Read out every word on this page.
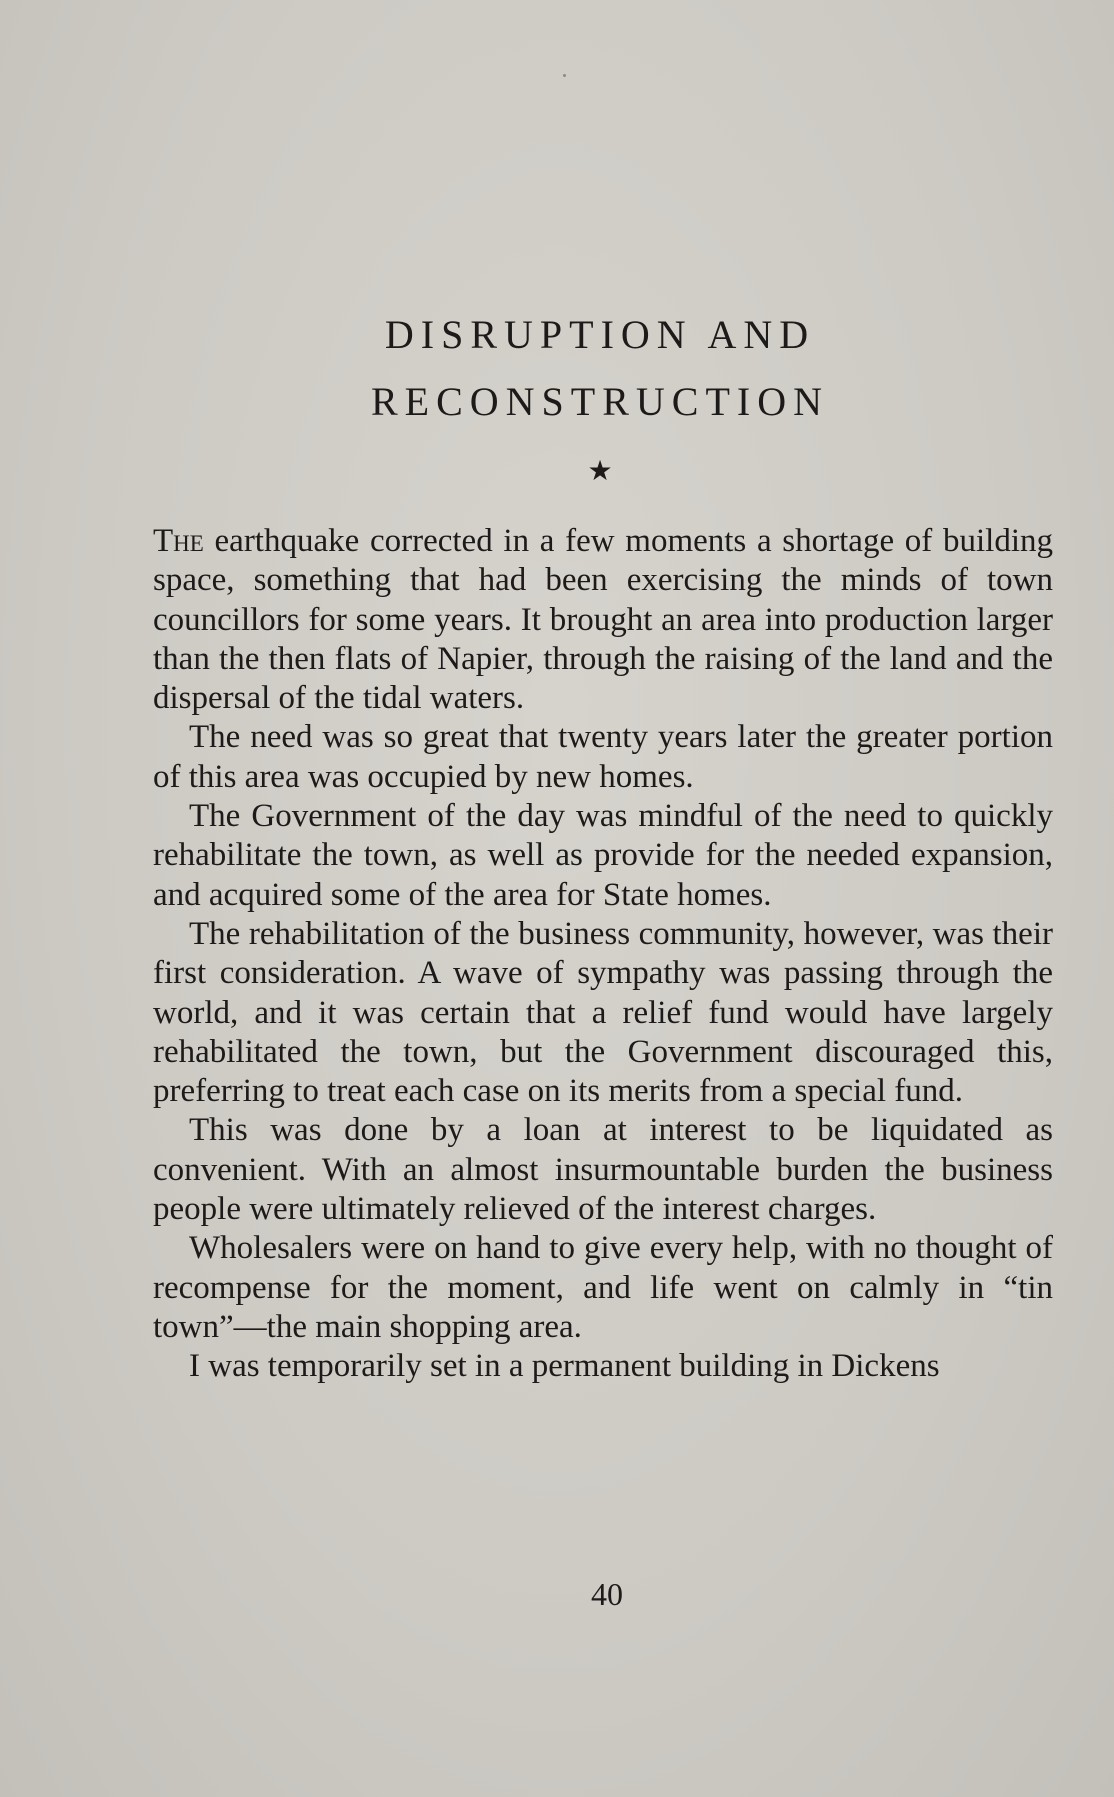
DISRUPTION AND
RECONSTRUCTION
★

The earthquake corrected in a few moments a shortage of building space, something that had been exercising the minds of town councillors for some years. It brought an area into production larger than the then flats of Napier, through the raising of the land and the dispersal of the tidal waters.

The need was so great that twenty years later the greater portion of this area was occupied by new homes.

The Government of the day was mindful of the need to quickly rehabilitate the town, as well as provide for the needed expansion, and acquired some of the area for State homes.

The rehabilitation of the business community, however, was their first consideration. A wave of sympathy was passing through the world, and it was certain that a relief fund would have largely rehabilitated the town, but the Government discouraged this, preferring to treat each case on its merits from a special fund.

This was done by a loan at interest to be liquidated as convenient. With an almost insurmountable burden the business people were ultimately relieved of the interest charges.

Wholesalers were on hand to give every help, with no thought of recompense for the moment, and life went on calmly in “tin town”—the main shopping area.

I was temporarily set in a permanent building in Dickens

40
